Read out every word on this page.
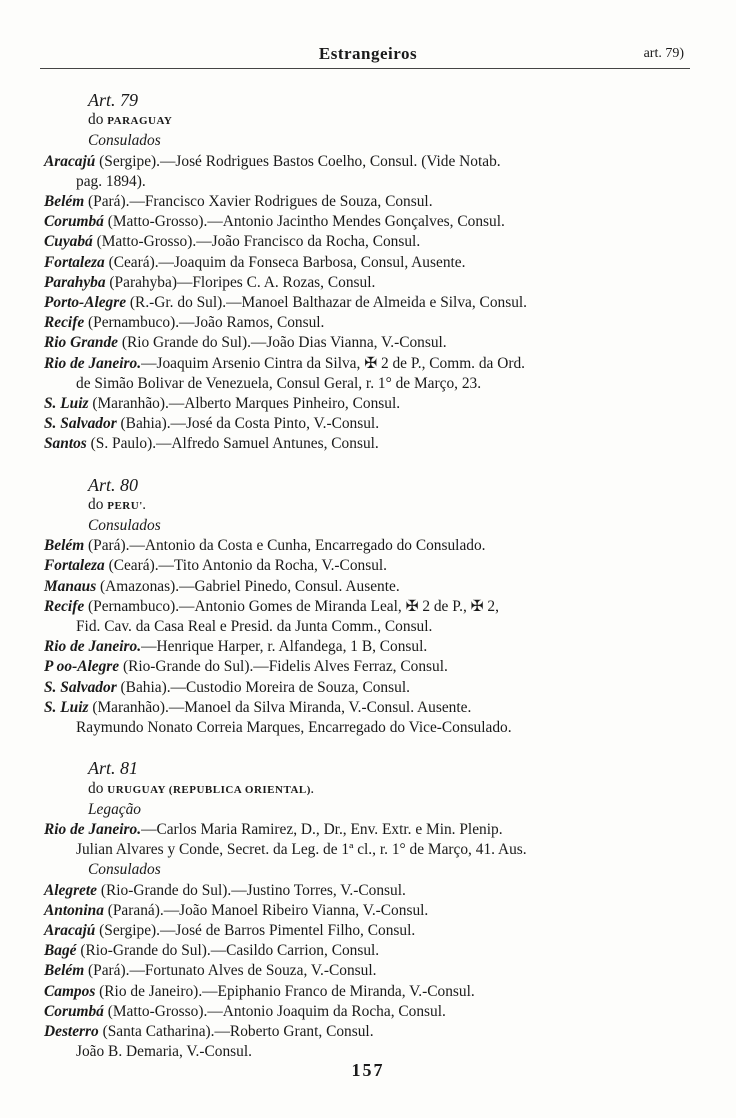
Estrangeiros	art. 79)
Art. 79
do PARAGUAY
Consulados
Aracajú (Sergipe).—José Rodrigues Bastos Coelho, Consul. (Vide Notab.
pag. 1894).
Belém (Pará).—Francisco Xavier Rodrigues de Souza, Consul.
Corumbá (Matto-Grosso).—Antonio Jacintho Mendes Gonçalves, Consul.
Cuyabá (Matto-Grosso).—João Francisco da Rocha, Consul.
Fortaleza (Ceará).—Joaquim da Fonseca Barbosa, Consul, Ausente.
Parahyba (Parahyba)—Floripes C. A. Rozas, Consul.
Porto-Alegre (R.-Gr. do Sul).—Manoel Balthazar de Almeida e Silva, Consul.
Recife (Pernambuco).—João Ramos, Consul.
Rio Grande (Rio Grande do Sul).—João Dias Vianna, V.-Consul.
Rio de Janeiro.—Joaquim Arsenio Cintra da Silva, ✠ 2 de P., Comm. da Ord.
de Simão Bolivar de Venezuela, Consul Geral, r. 1° de Março, 23.
S. Luiz (Maranhão).—Alberto Marques Pinheiro, Consul.
S. Salvador (Bahia).—José da Costa Pinto, V.-Consul.
Santos (S. Paulo).—Alfredo Samuel Antunes, Consul.
Art. 80
do PERU'.
Consulados
Belém (Pará).—Antonio da Costa e Cunha, Encarregado do Consulado.
Fortaleza (Ceará).—Tito Antonio da Rocha, V.-Consul.
Manaus (Amazonas).—Gabriel Pinedo, Consul. Ausente.
Recife (Pernambuco).—Antonio Gomes de Miranda Leal, ✠ 2 de P., ✠ 2,
Fid. Cav. da Casa Real e Presid. da Junta Comm., Consul.
Rio de Janeiro.—Henrique Harper, r. Alfandega, 1 B, Consul.
P oo-Alegre (Rio-Grande do Sul).—Fidelis Alves Ferraz, Consul.
S. Salvador (Bahia).—Custodio Moreira de Souza, Consul.
S. Luiz (Maranhão).—Manoel da Silva Miranda, V.-Consul. Ausente.
Raymundo Nonato Correia Marques, Encarregado do Vice-Consulado.
Art. 81
do URUGUAY (REPUBLICA ORIENTAL).
Legação
Rio de Janeiro.—Carlos Maria Ramirez, D., Dr., Env. Extr. e Min. Plenip.
Julian Alvares y Conde, Secret. da Leg. de 1ª cl., r. 1° de Março, 41. Aus.
Consulados
Alegrete (Rio-Grande do Sul).—Justino Torres, V.-Consul.
Antonina (Paraná).—João Manoel Ribeiro Vianna, V.-Consul.
Aracajú (Sergipe).—José de Barros Pimentel Filho, Consul.
Bagé (Rio-Grande do Sul).—Casildo Carrion, Consul.
Belém (Pará).—Fortunato Alves de Souza, V.-Consul.
Campos (Rio de Janeiro).—Epiphanio Franco de Miranda, V.-Consul.
Corumbá (Matto-Grosso).—Antonio Joaquim da Rocha, Consul.
Desterro (Santa Catharina).—Roberto Grant, Consul.
João B. Demaria, V.-Consul.
157
